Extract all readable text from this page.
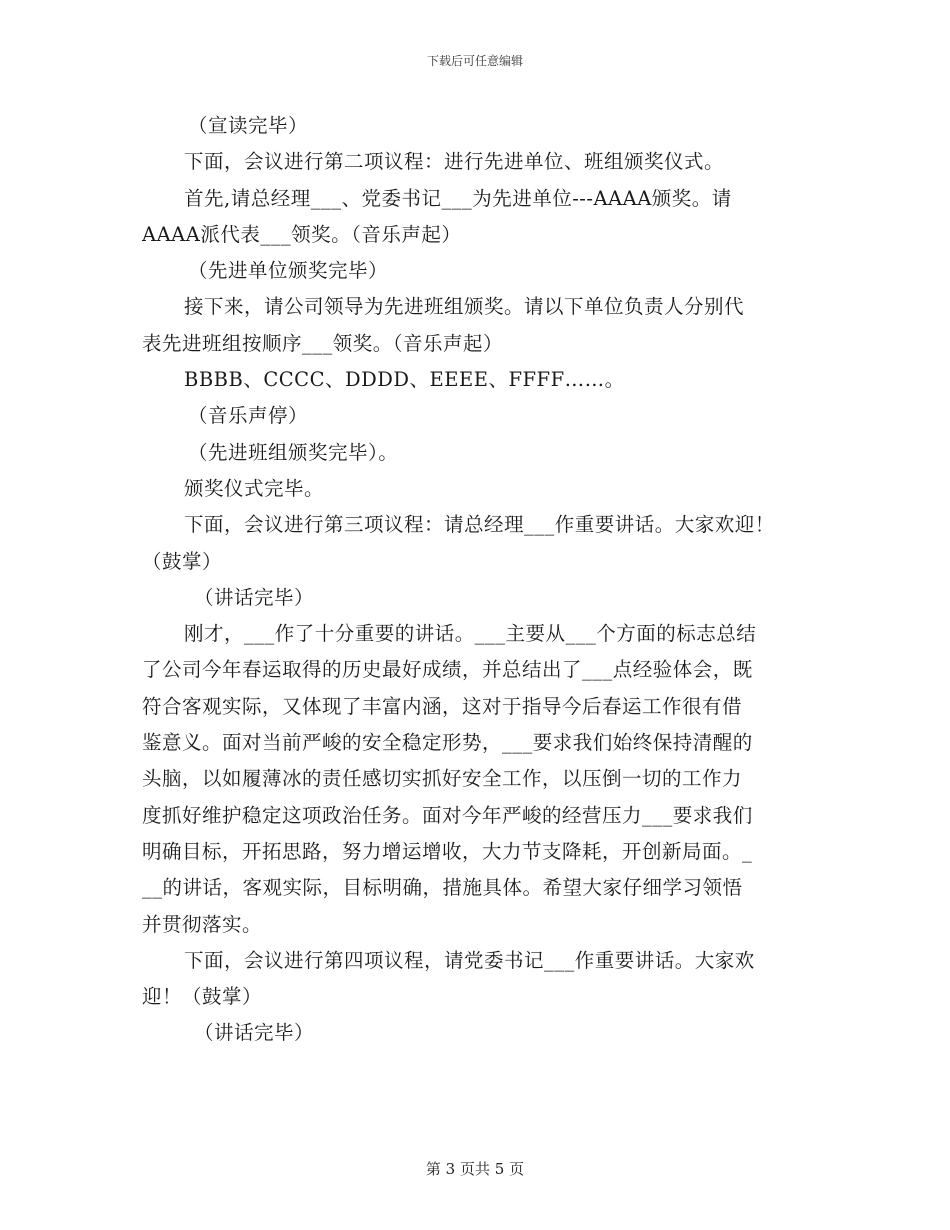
下载后可任意编辑
（宣读完毕）
下面，会议进行第二项议程：进行先进单位、班组颁奖仪式。
首先,请总经理___、党委书记___为先进单位---AAAA颁奖。请
AAAA派代表___领奖。（音乐声起）
（先进单位颁奖完毕）
接下来，请公司领导为先进班组颁奖。请以下单位负责人分别代
表先进班组按顺序___领奖。（音乐声起）
BBBB、CCCC、DDDD、EEEE、FFFF……。
（音乐声停）
（先进班组颁奖完毕）。
颁奖仪式完毕。
下面，会议进行第三项议程：请总经理___作重要讲话。大家欢迎！
（鼓掌）
（讲话完毕）
刚才，___作了十分重要的讲话。___主要从___个方面的标志总结
了公司今年春运取得的历史最好成绩，并总结出了___点经验体会，既
符合客观实际，又体现了丰富内涵，这对于指导今后春运工作很有借
鉴意义。面对当前严峻的安全稳定形势，___要求我们始终保持清醒的
头脑，以如履薄冰的责任感切实抓好安全工作，以压倒一切的工作力
度抓好维护稳定这项政治任务。面对今年严峻的经营压力___要求我们
明确目标，开拓思路，努力增运增收，大力节支降耗，开创新局面。_
__的讲话，客观实际，目标明确，措施具体。希望大家仔细学习领悟
并贯彻落实。
下面，会议进行第四项议程，请党委书记___作重要讲话。大家欢
迎！（鼓掌）
（讲话完毕）
第 3 页共 5 页
